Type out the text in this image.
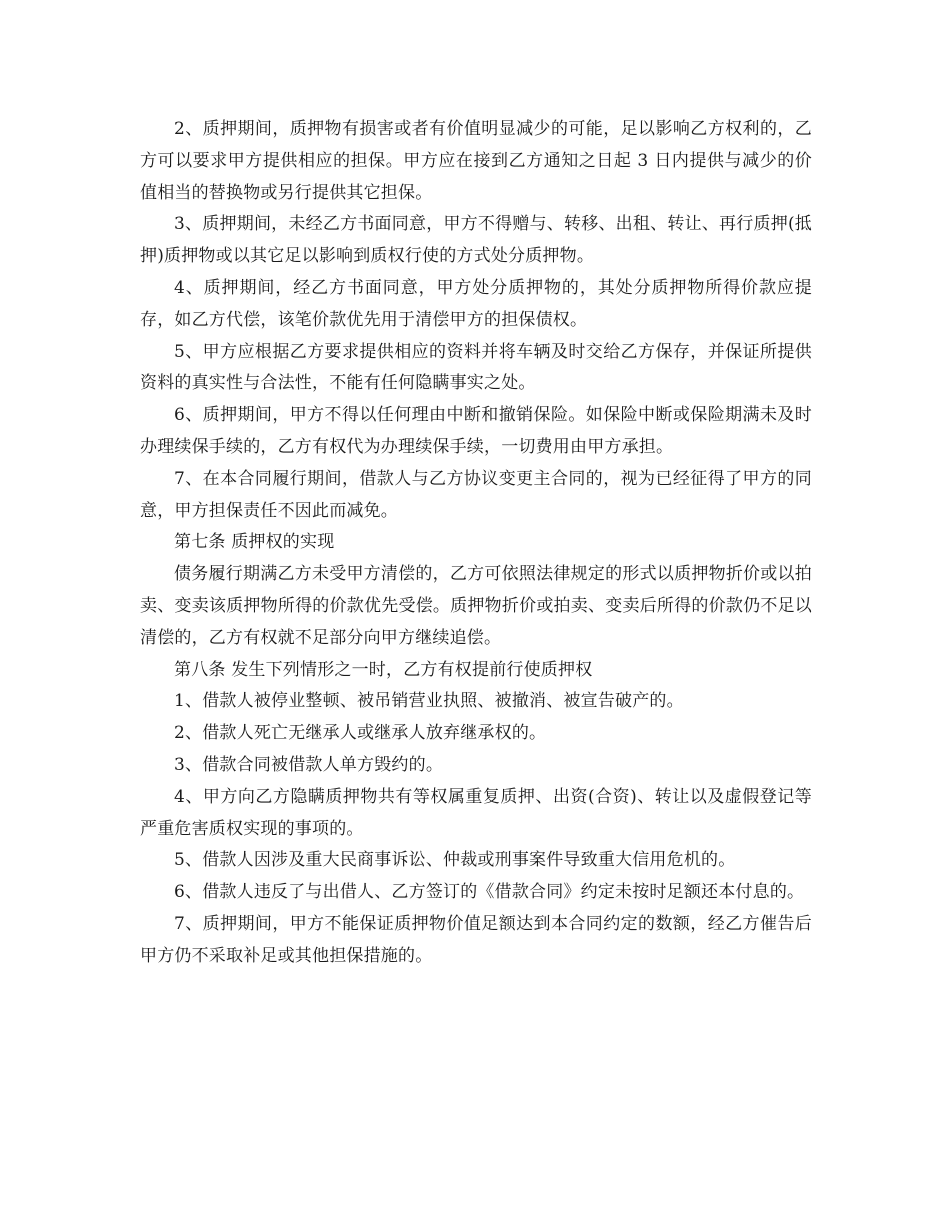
2、质押期间，质押物有损害或者有价值明显减少的可能，足以影响乙方权利的，乙方可以要求甲方提供相应的担保。甲方应在接到乙方通知之日起 3 日内提供与减少的价值相当的替换物或另行提供其它担保。

3、质押期间，未经乙方书面同意，甲方不得赠与、转移、出租、转让、再行质押(抵押)质押物或以其它足以影响到质权行使的方式处分质押物。

4、质押期间，经乙方书面同意，甲方处分质押物的，其处分质押物所得价款应提存，如乙方代偿，该笔价款优先用于清偿甲方的担保债权。

5、甲方应根据乙方要求提供相应的资料并将车辆及时交给乙方保存，并保证所提供资料的真实性与合法性，不能有任何隐瞒事实之处。

6、质押期间，甲方不得以任何理由中断和撤销保险。如保险中断或保险期满未及时办理续保手续的，乙方有权代为办理续保手续，一切费用由甲方承担。

7、在本合同履行期间，借款人与乙方协议变更主合同的，视为已经征得了甲方的同意，甲方担保责任不因此而减免。

第七条 质押权的实现

债务履行期满乙方未受甲方清偿的，乙方可依照法律规定的形式以质押物折价或以拍卖、变卖该质押物所得的价款优先受偿。质押物折价或拍卖、变卖后所得的价款仍不足以清偿的，乙方有权就不足部分向甲方继续追偿。

第八条 发生下列情形之一时，乙方有权提前行使质押权

1、借款人被停业整顿、被吊销营业执照、被撤消、被宣告破产的。

2、借款人死亡无继承人或继承人放弃继承权的。

3、借款合同被借款人单方毁约的。

4、甲方向乙方隐瞒质押物共有等权属重复质押、出资(合资)、转让以及虚假登记等严重危害质权实现的事项的。

5、借款人因涉及重大民商事诉讼、仲裁或刑事案件导致重大信用危机的。

6、借款人违反了与出借人、乙方签订的《借款合同》约定未按时足额还本付息的。

7、质押期间，甲方不能保证质押物价值足额达到本合同约定的数额，经乙方催告后甲方仍不采取补足或其他担保措施的。
